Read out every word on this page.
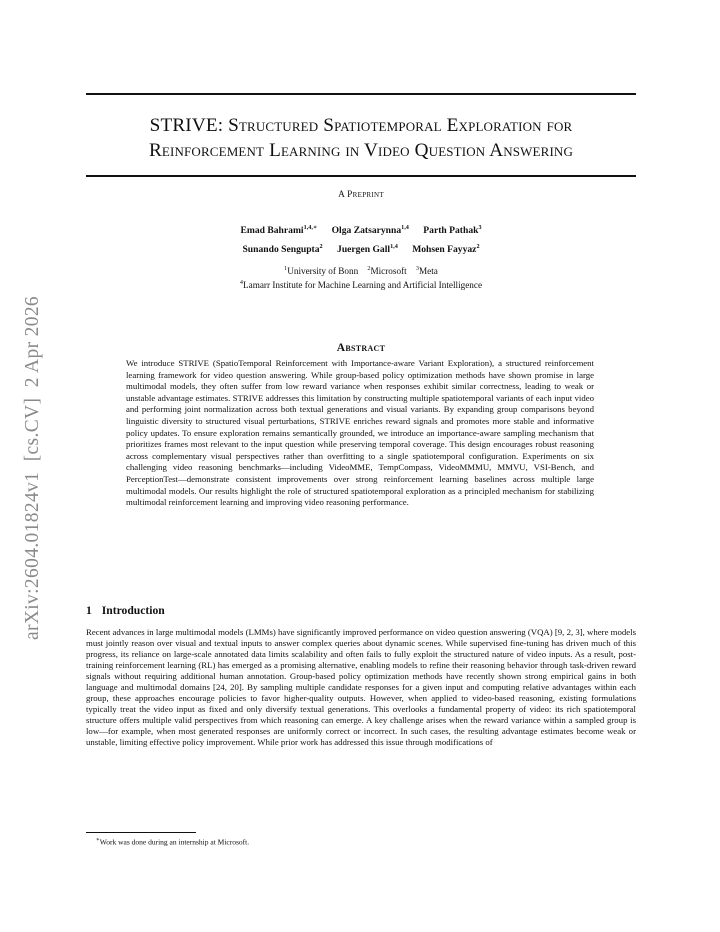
arXiv:2604.01824v1  [cs.CV]  2 Apr 2026
STRIVE: Structured Spatiotemporal Exploration for
Reinforcement Learning in Video Question Answering
A Preprint
Emad Bahrami$^{1,4,∗}$ Olga Zatsarynna$^{1,4}$ Parth Pathak$^3$
Sunando Sengupta$^2$ Juergen Gall$^{1,4}$ Mohsen Fayyaz$^2$
$^1$University of Bonn $^2$Microsoft $^3$Meta
$^4$Lamarr Institute for Machine Learning and Artificial Intelligence
Abstract
We introduce STRIVE (SpatioTemporal Reinforcement with Importance-aware Variant Exploration), a structured reinforcement learning framework for video question answering. While group-based policy optimization methods have shown promise in large multimodal models, they often suffer from low reward variance when responses exhibit similar correctness, leading to weak or unstable advantage estimates. STRIVE addresses this limitation by constructing multiple spatiotemporal variants of each input video and performing joint normalization across both textual generations and visual variants. By expanding group comparisons beyond linguistic diversity to structured visual perturbations, STRIVE enriches reward signals and promotes more stable and informative policy updates. To ensure exploration remains semantically grounded, we introduce an importance-aware sampling mechanism that prioritizes frames most relevant to the input question while preserving temporal coverage. This design encourages robust reasoning across complementary visual perspectives rather than overfitting to a single spatiotemporal configuration. Experiments on six challenging video reasoning benchmarks—including VideoMME, TempCompass, VideoMMMU, MMVU, VSI-Bench, and PerceptionTest—demonstrate consistent improvements over strong reinforcement learning baselines across multiple large multimodal models. Our results highlight the role of structured spatiotemporal exploration as a principled mechanism for stabilizing multimodal reinforcement learning and improving video reasoning performance.
1 Introduction
Recent advances in large multimodal models (LMMs) have significantly improved performance on video question answering (VQA) [9, 2, 3], where models must jointly reason over visual and textual inputs to answer complex queries about dynamic scenes. While supervised fine-tuning has driven much of this progress, its reliance on large-scale annotated data limits scalability and often fails to fully exploit the structured nature of video inputs. As a result, post-training reinforcement learning (RL) has emerged as a promising alternative, enabling models to refine their reasoning behavior through task-driven reward signals without requiring additional human annotation. Group-based policy optimization methods have recently shown strong empirical gains in both language and multimodal domains [24, 20]. By sampling multiple candidate responses for a given input and computing relative advantages within each group, these approaches encourage policies to favor higher-quality outputs. However, when applied to video-based reasoning, existing formulations typically treat the video input as fixed and only diversify textual generations. This overlooks a fundamental property of video: its rich spatiotemporal structure offers multiple valid perspectives from which reasoning can emerge. A key challenge arises when the reward variance within a sampled group is low—for example, when most generated responses are uniformly correct or incorrect. In such cases, the resulting advantage estimates become weak or unstable, limiting effective policy improvement. While prior work has addressed this issue through modifications of
∗Work was done during an internship at Microsoft.
